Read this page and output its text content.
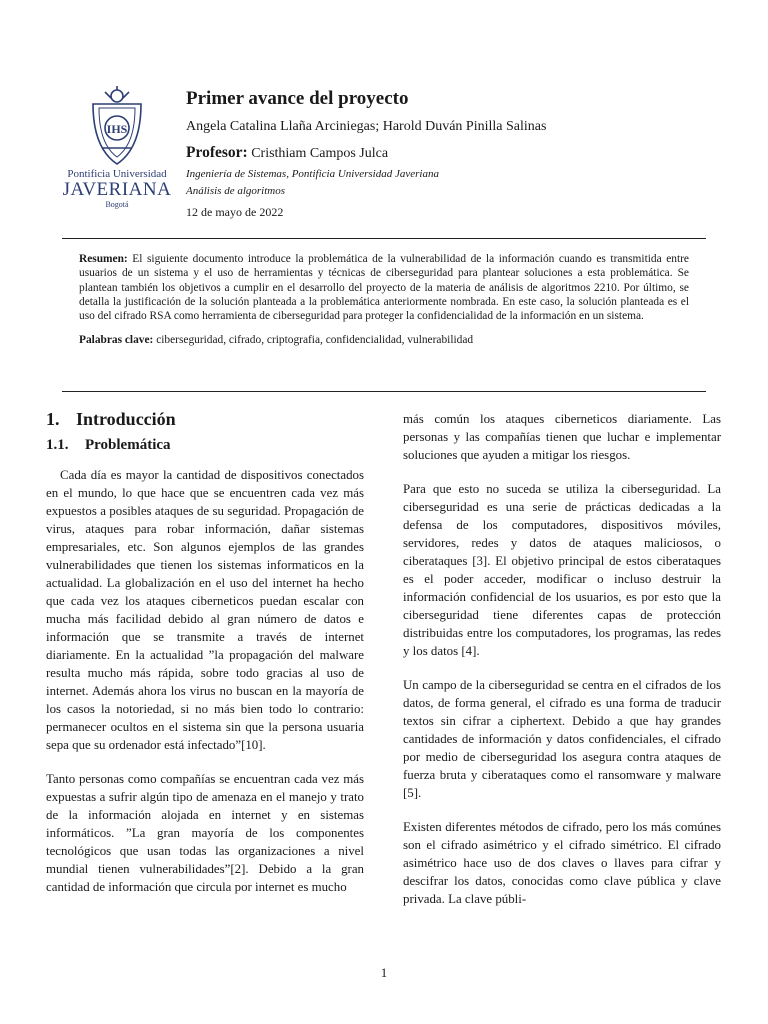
IHS
Pontificia Universidad
JAVERIANA
Bogotá
Primer avance del proyecto
Angela Catalina Llaña Arciniegas; Harold Duván Pinilla Salinas
Profesor: Cristhiam Campos Julca
Ingeniería de Sistemas, Pontificia Universidad Javeriana
Análisis de algoritmos
12 de mayo de 2022

Resumen: El siguiente documento introduce la problemática de la vulnerabilidad de la información cuando es transmitida entre usuarios de un sistema y el uso de herramientas y técnicas de ciberseguridad para plantear soluciones a esta problemática. Se plantean también los objetivos a cumplir en el desarrollo del proyecto de la materia de análisis de algoritmos 2210. Por último, se detalla la justificación de la solución planteada a la problemática anteriormente nombrada. En este caso, la solución planteada es el uso del cifrado RSA como herramienta de ciberseguridad para proteger la confidencialidad de la información en un sistema.

Palabras clave: ciberseguridad, cifrado, criptografia, confidencialidad, vulnerabilidad

1. Introducción
1.1. Problemática

Cada día es mayor la cantidad de dispositivos conectados en el mundo, lo que hace que se encuentren cada vez más expuestos a posibles ataques de su seguridad. Propagación de virus, ataques para robar información, dañar sistemas empresariales, etc. Son algunos ejemplos de las grandes vulnerabilidades que tienen los sistemas informaticos en la actualidad. La globalización en el uso del internet ha hecho que cada vez los ataques ciberneticos puedan escalar con mucha más facilidad debido al gran número de datos e información que se transmite a través de internet diariamente. En la actualidad ”la propagación del malware resulta mucho más rápida, sobre todo gracias al uso de internet. Además ahora los virus no buscan en la mayoría de los casos la notoriedad, si no más bien todo lo contrario: permanecer ocultos en el sistema sin que la persona usuaria sepa que su ordenador está infectado”[10].

Tanto personas como compañías se encuentran cada vez más expuestas a sufrir algún tipo de amenaza en el manejo y trato de la información alojada en internet y en sistemas informáticos. ”La gran mayoría de los componentes tecnológicos que usan todas las organizaciones a nivel mundial tienen vulnerabilidades”[2]. Debido a la gran cantidad de información que circula por internet es mucho

más común los ataques ciberneticos diariamente. Las personas y las compañías tienen que luchar e implementar soluciones que ayuden a mitigar los riesgos.

Para que esto no suceda se utiliza la ciberseguridad. La ciberseguridad es una serie de prácticas dedicadas a la defensa de los computadores, dispositivos móviles, servidores, redes y datos de ataques maliciosos, o ciberataques [3]. El objetivo principal de estos ciberataques es el poder acceder, modificar o incluso destruir la información confidencial de los usuarios, es por esto que la ciberseguridad tiene diferentes capas de protección distribuidas entre los computadores, los programas, las redes y los datos [4].

Un campo de la ciberseguridad se centra en el cifrados de los datos, de forma general, el cifrado es una forma de traducir textos sin cifrar a ciphertext. Debido a que hay grandes cantidades de información y datos confidenciales, el cifrado por medio de ciberseguridad los asegura contra ataques de fuerza bruta y ciberataques como el ransomware y malware [5].

Existen diferentes métodos de cifrado, pero los más comúnes son el cifrado asimétrico y el cifrado simétrico. El cifrado asimétrico hace uso de dos claves o llaves para cifrar y descifrar los datos, conocidas como clave pública y clave privada. La clave públi-

1
